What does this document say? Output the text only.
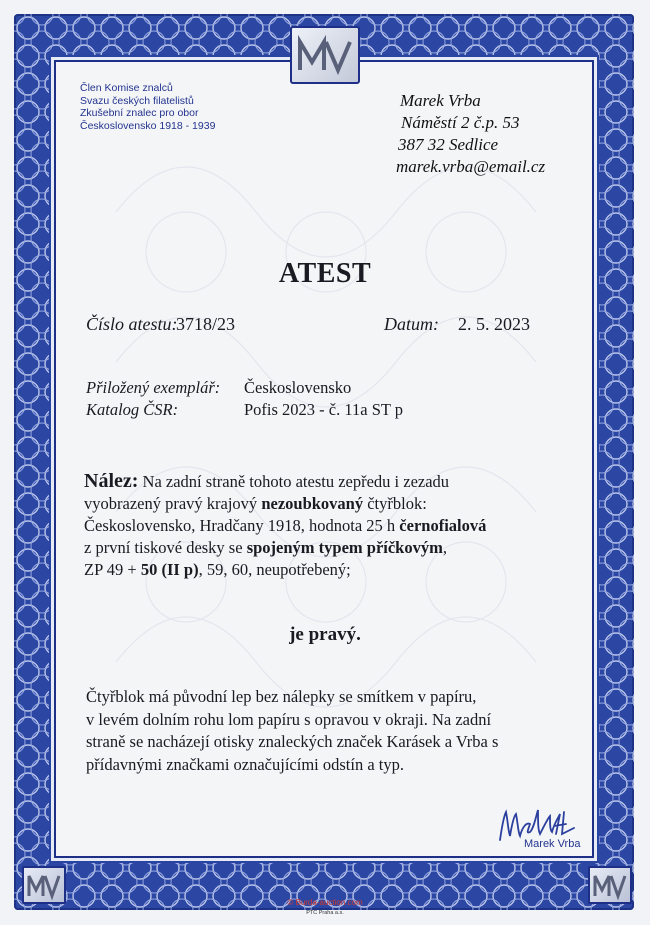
Člen Komise znalců
Svazu českých filatelistů
Zkušební znalec pro obor
Československo 1918 - 1939
Marek Vrba
Náměstí 2 č.p. 53
387 32 Sedlice
marek.vrba@email.cz
ATEST
Číslo atestu:
3718/23	Datum: 2. 5. 2023
Přiložený exemplář: Československo
Katalog ČSR:	Pofis 2023 - č. 11a ST p
Nález: Na zadní straně tohoto atestu zepředu i zezadu
vyobrazený pravý krajový nezoubkovaný čtyřblok:
Československo, Hradčany 1918, hodnota 25 h černofialová
z první tiskové desky se spojeným typem příčkovým,
ZP 49 + 50 (II p), 59, 60, neupotřebený;
je pravý.
Čtyřblok má původní lep bez nálepky se smítkem v papíru,
v levém dolním rohu lom papíru s opravou v okraji. Na zadní
straně se nacházejí otisky znaleckých značek Karásek a Vrba s
přídavnými značkami označujícími odstín a typ.
Marek Vrba
© Burda-auction.com
PTC Praha a.s.
